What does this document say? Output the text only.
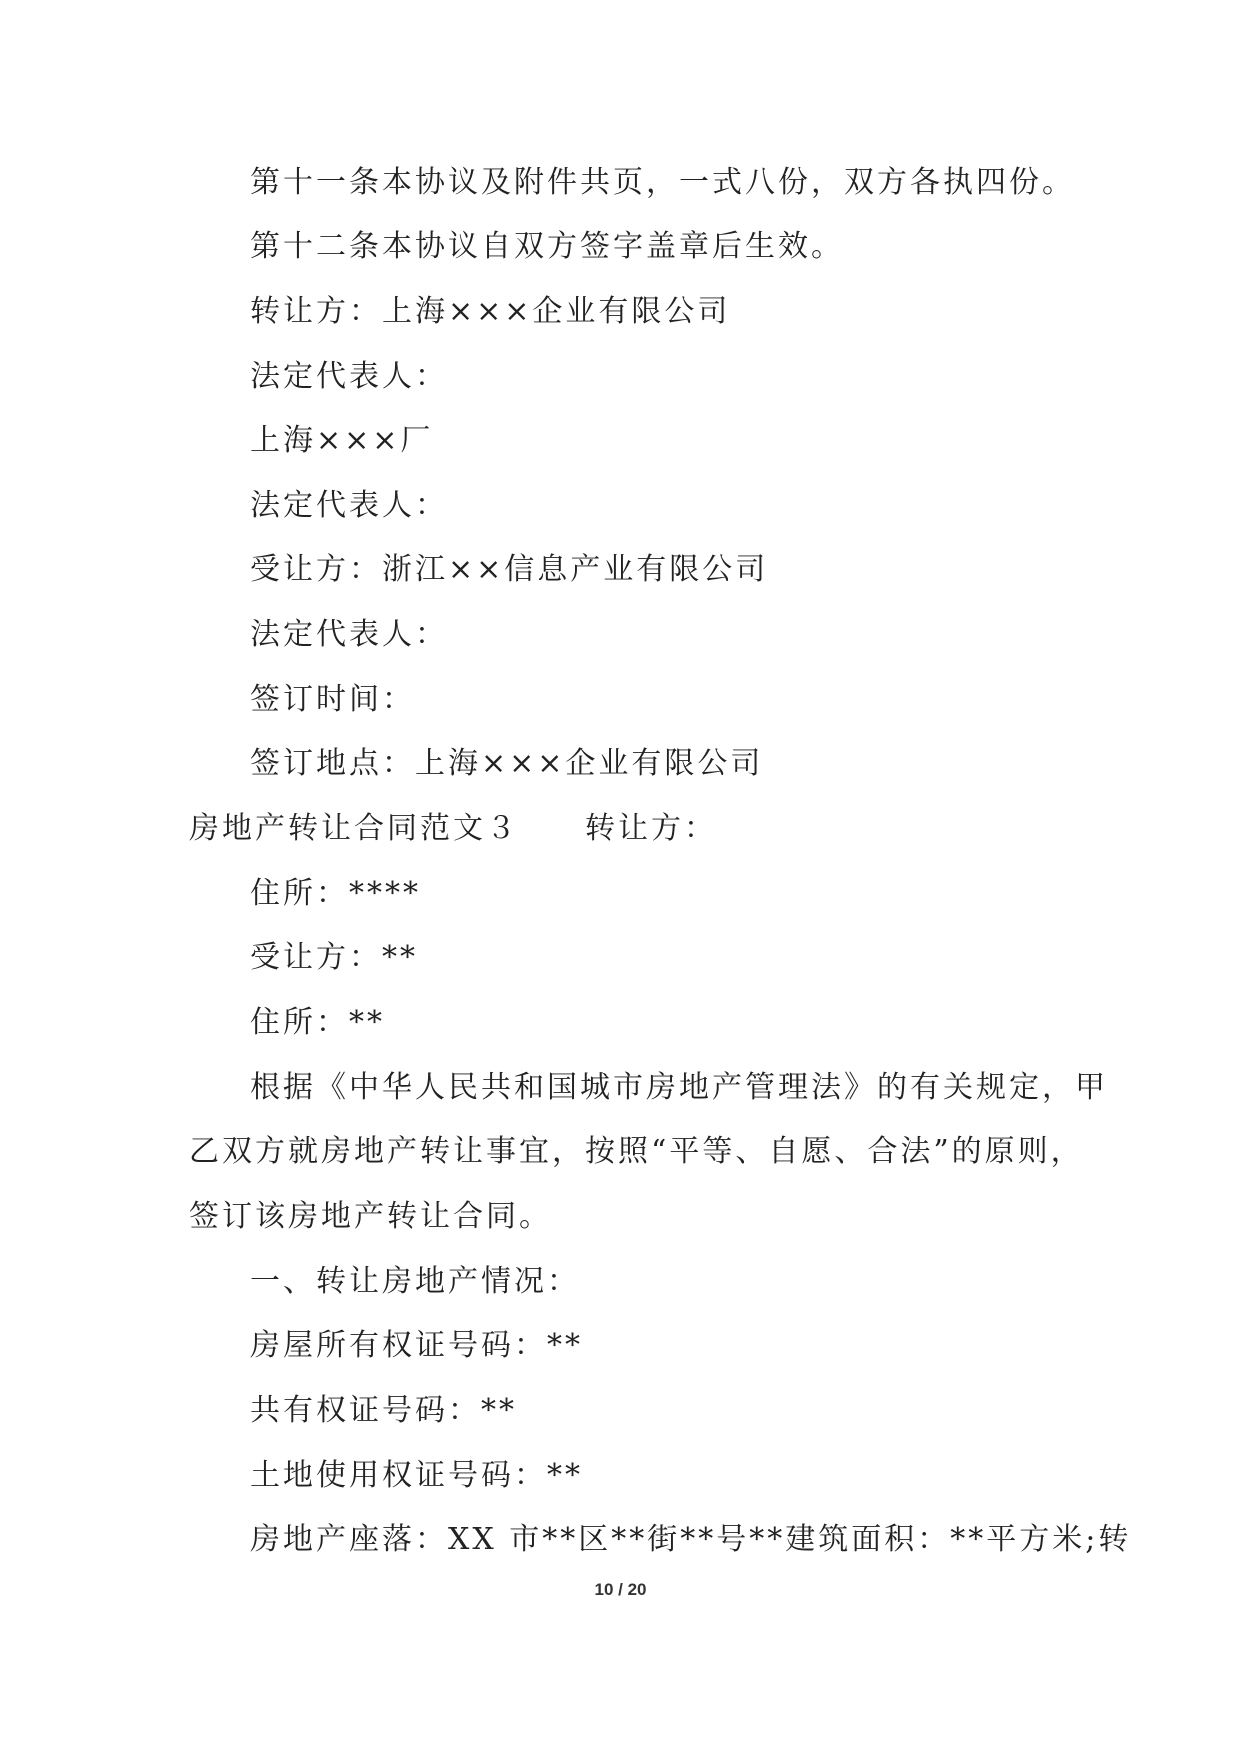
第十一条本协议及附件共页，一式八份，双方各执四份。
第十二条本协议自双方签字盖章后生效。
转让方：上海×××企业有限公司
法定代表人：
上海×××厂
法定代表人：
受让方：浙江××信息产业有限公司
法定代表人：
签订时间：
签订地点：上海×××企业有限公司
房地产转让合同范文３　　转让方：
住所：****
受让方：**
住所：**
根据《中华人民共和国城市房地产管理法》的有关规定，甲
乙双方就房地产转让事宜，按照“平等、自愿、合法”的原则，
签订该房地产转让合同。
一、转让房地产情况：
房屋所有权证号码：**
共有权证号码：**
土地使用权证号码：**
房地产座落：XX 市**区**街**号**建筑面积：**平方米;转
10 / 20
